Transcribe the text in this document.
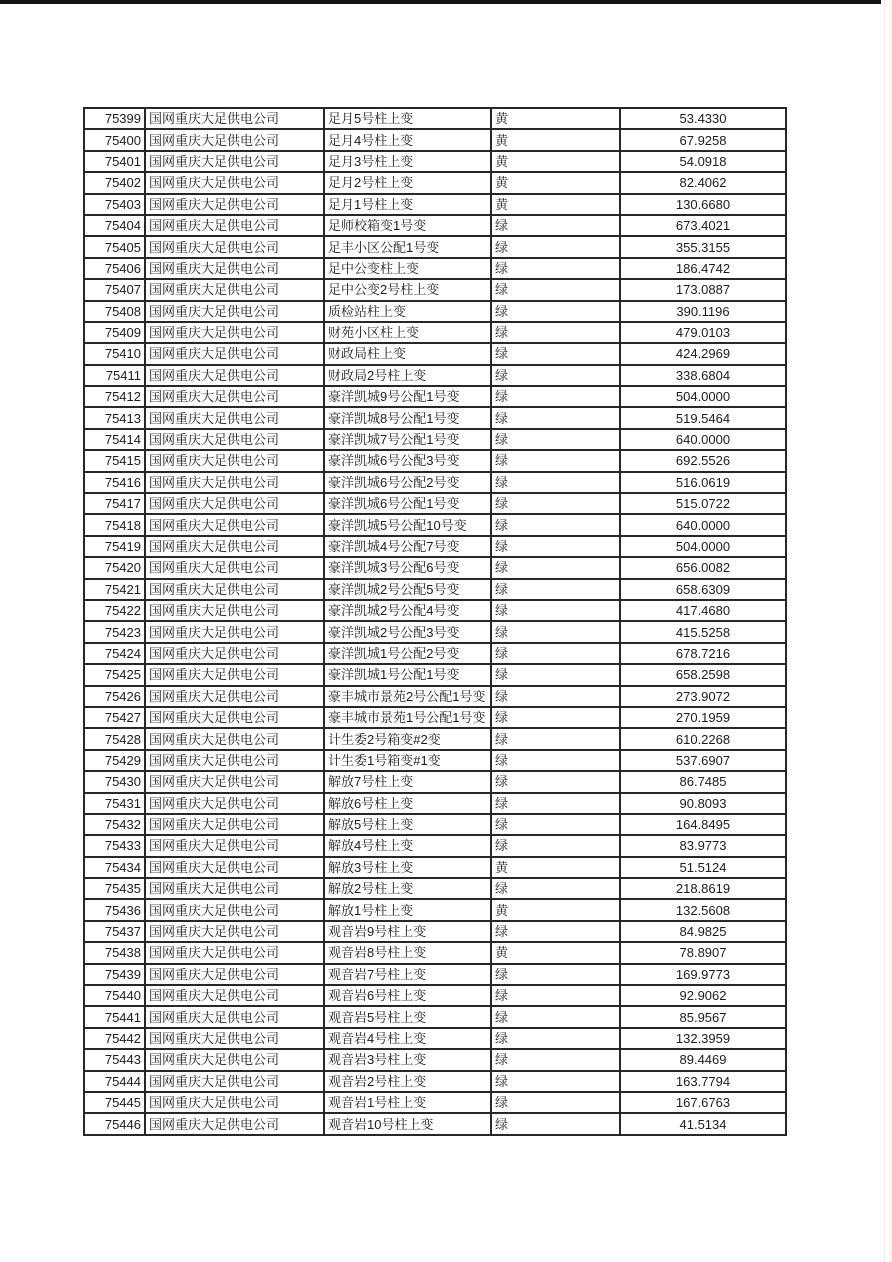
75399	国网重庆大足供电公司	足月5号柱上变	黄	53.4330
75400	国网重庆大足供电公司	足月4号柱上变	黄	67.9258
75401	国网重庆大足供电公司	足月3号柱上变	黄	54.0918
75402	国网重庆大足供电公司	足月2号柱上变	黄	82.4062
75403	国网重庆大足供电公司	足月1号柱上变	黄	130.6680
75404	国网重庆大足供电公司	足师校箱变1号变	绿	673.4021
75405	国网重庆大足供电公司	足丰小区公配1号变	绿	355.3155
75406	国网重庆大足供电公司	足中公变柱上变	绿	186.4742
75407	国网重庆大足供电公司	足中公变2号柱上变	绿	173.0887
75408	国网重庆大足供电公司	质检站柱上变	绿	390.1196
75409	国网重庆大足供电公司	财苑小区柱上变	绿	479.0103
75410	国网重庆大足供电公司	财政局柱上变	绿	424.2969
75411	国网重庆大足供电公司	财政局2号柱上变	绿	338.6804
75412	国网重庆大足供电公司	豪洋凯城9号公配1号变	绿	504.0000
75413	国网重庆大足供电公司	豪洋凯城8号公配1号变	绿	519.5464
75414	国网重庆大足供电公司	豪洋凯城7号公配1号变	绿	640.0000
75415	国网重庆大足供电公司	豪洋凯城6号公配3号变	绿	692.5526
75416	国网重庆大足供电公司	豪洋凯城6号公配2号变	绿	516.0619
75417	国网重庆大足供电公司	豪洋凯城6号公配1号变	绿	515.0722
75418	国网重庆大足供电公司	豪洋凯城5号公配10号变	绿	640.0000
75419	国网重庆大足供电公司	豪洋凯城4号公配7号变	绿	504.0000
75420	国网重庆大足供电公司	豪洋凯城3号公配6号变	绿	656.0082
75421	国网重庆大足供电公司	豪洋凯城2号公配5号变	绿	658.6309
75422	国网重庆大足供电公司	豪洋凯城2号公配4号变	绿	417.4680
75423	国网重庆大足供电公司	豪洋凯城2号公配3号变	绿	415.5258
75424	国网重庆大足供电公司	豪洋凯城1号公配2号变	绿	678.7216
75425	国网重庆大足供电公司	豪洋凯城1号公配1号变	绿	658.2598
75426	国网重庆大足供电公司	豪丰城市景苑2号公配1号变	绿	273.9072
75427	国网重庆大足供电公司	豪丰城市景苑1号公配1号变	绿	270.1959
75428	国网重庆大足供电公司	计生委2号箱变#2变	绿	610.2268
75429	国网重庆大足供电公司	计生委1号箱变#1变	绿	537.6907
75430	国网重庆大足供电公司	解放7号柱上变	绿	86.7485
75431	国网重庆大足供电公司	解放6号柱上变	绿	90.8093
75432	国网重庆大足供电公司	解放5号柱上变	绿	164.8495
75433	国网重庆大足供电公司	解放4号柱上变	绿	83.9773
75434	国网重庆大足供电公司	解放3号柱上变	黄	51.5124
75435	国网重庆大足供电公司	解放2号柱上变	绿	218.8619
75436	国网重庆大足供电公司	解放1号柱上变	黄	132.5608
75437	国网重庆大足供电公司	观音岩9号柱上变	绿	84.9825
75438	国网重庆大足供电公司	观音岩8号柱上变	黄	78.8907
75439	国网重庆大足供电公司	观音岩7号柱上变	绿	169.9773
75440	国网重庆大足供电公司	观音岩6号柱上变	绿	92.9062
75441	国网重庆大足供电公司	观音岩5号柱上变	绿	85.9567
75442	国网重庆大足供电公司	观音岩4号柱上变	绿	132.3959
75443	国网重庆大足供电公司	观音岩3号柱上变	绿	89.4469
75444	国网重庆大足供电公司	观音岩2号柱上变	绿	163.7794
75445	国网重庆大足供电公司	观音岩1号柱上变	绿	167.6763
75446	国网重庆大足供电公司	观音岩10号柱上变	绿	41.5134
